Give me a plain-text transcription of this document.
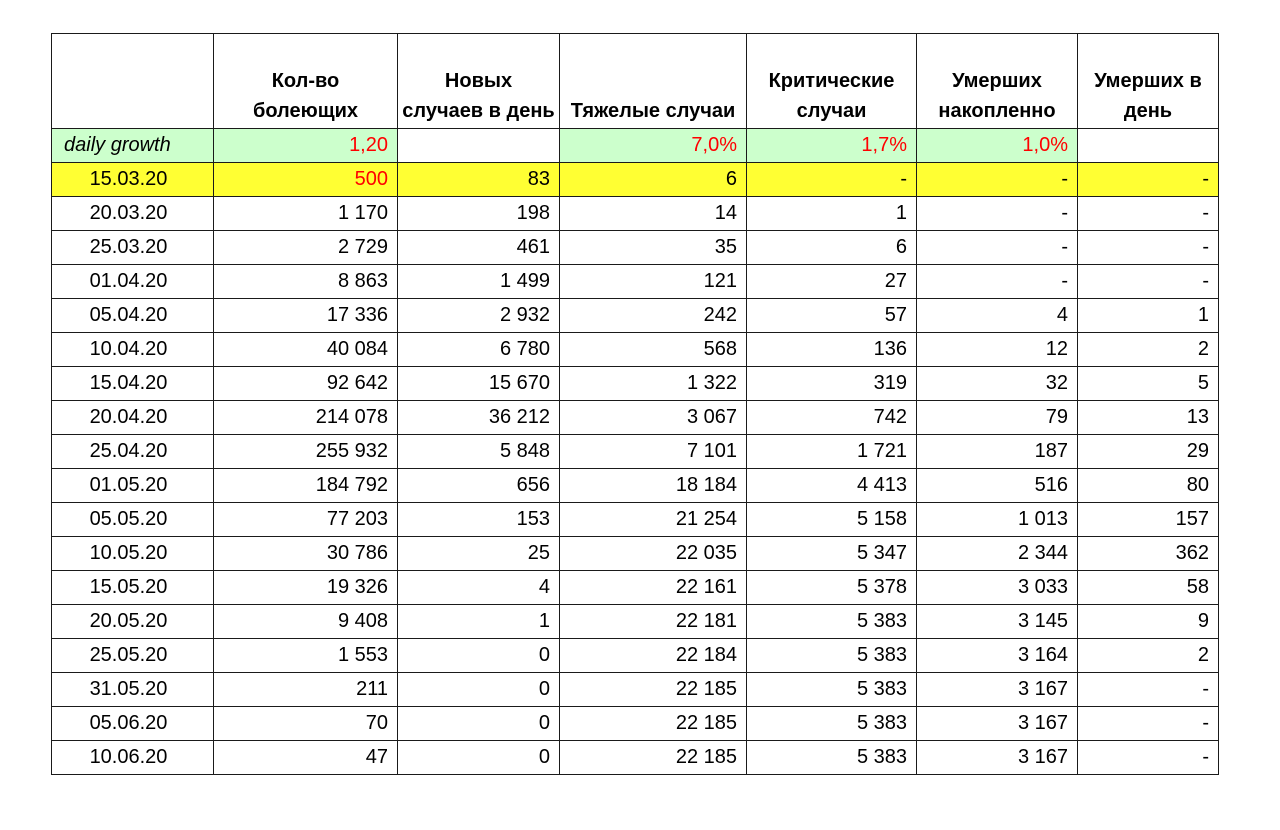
	Кол-во болеющих	Новых случаев в день	Тяжелые случаи	Критические случаи	Умерших накопленно	Умерших в день
daily growth	1,20		7,0%	1,7%	1,0%	
15.03.20	500	83	6	-	-	-
20.03.20	1 170	198	14	1	-	-
25.03.20	2 729	461	35	6	-	-
01.04.20	8 863	1 499	121	27	-	-
05.04.20	17 336	2 932	242	57	4	1
10.04.20	40 084	6 780	568	136	12	2
15.04.20	92 642	15 670	1 322	319	32	5
20.04.20	214 078	36 212	3 067	742	79	13
25.04.20	255 932	5 848	7 101	1 721	187	29
01.05.20	184 792	656	18 184	4 413	516	80
05.05.20	77 203	153	21 254	5 158	1 013	157
10.05.20	30 786	25	22 035	5 347	2 344	362
15.05.20	19 326	4	22 161	5 378	3 033	58
20.05.20	9 408	1	22 181	5 383	3 145	9
25.05.20	1 553	0	22 184	5 383	3 164	2
31.05.20	211	0	22 185	5 383	3 167	-
05.06.20	70	0	22 185	5 383	3 167	-
10.06.20	47	0	22 185	5 383	3 167	-
